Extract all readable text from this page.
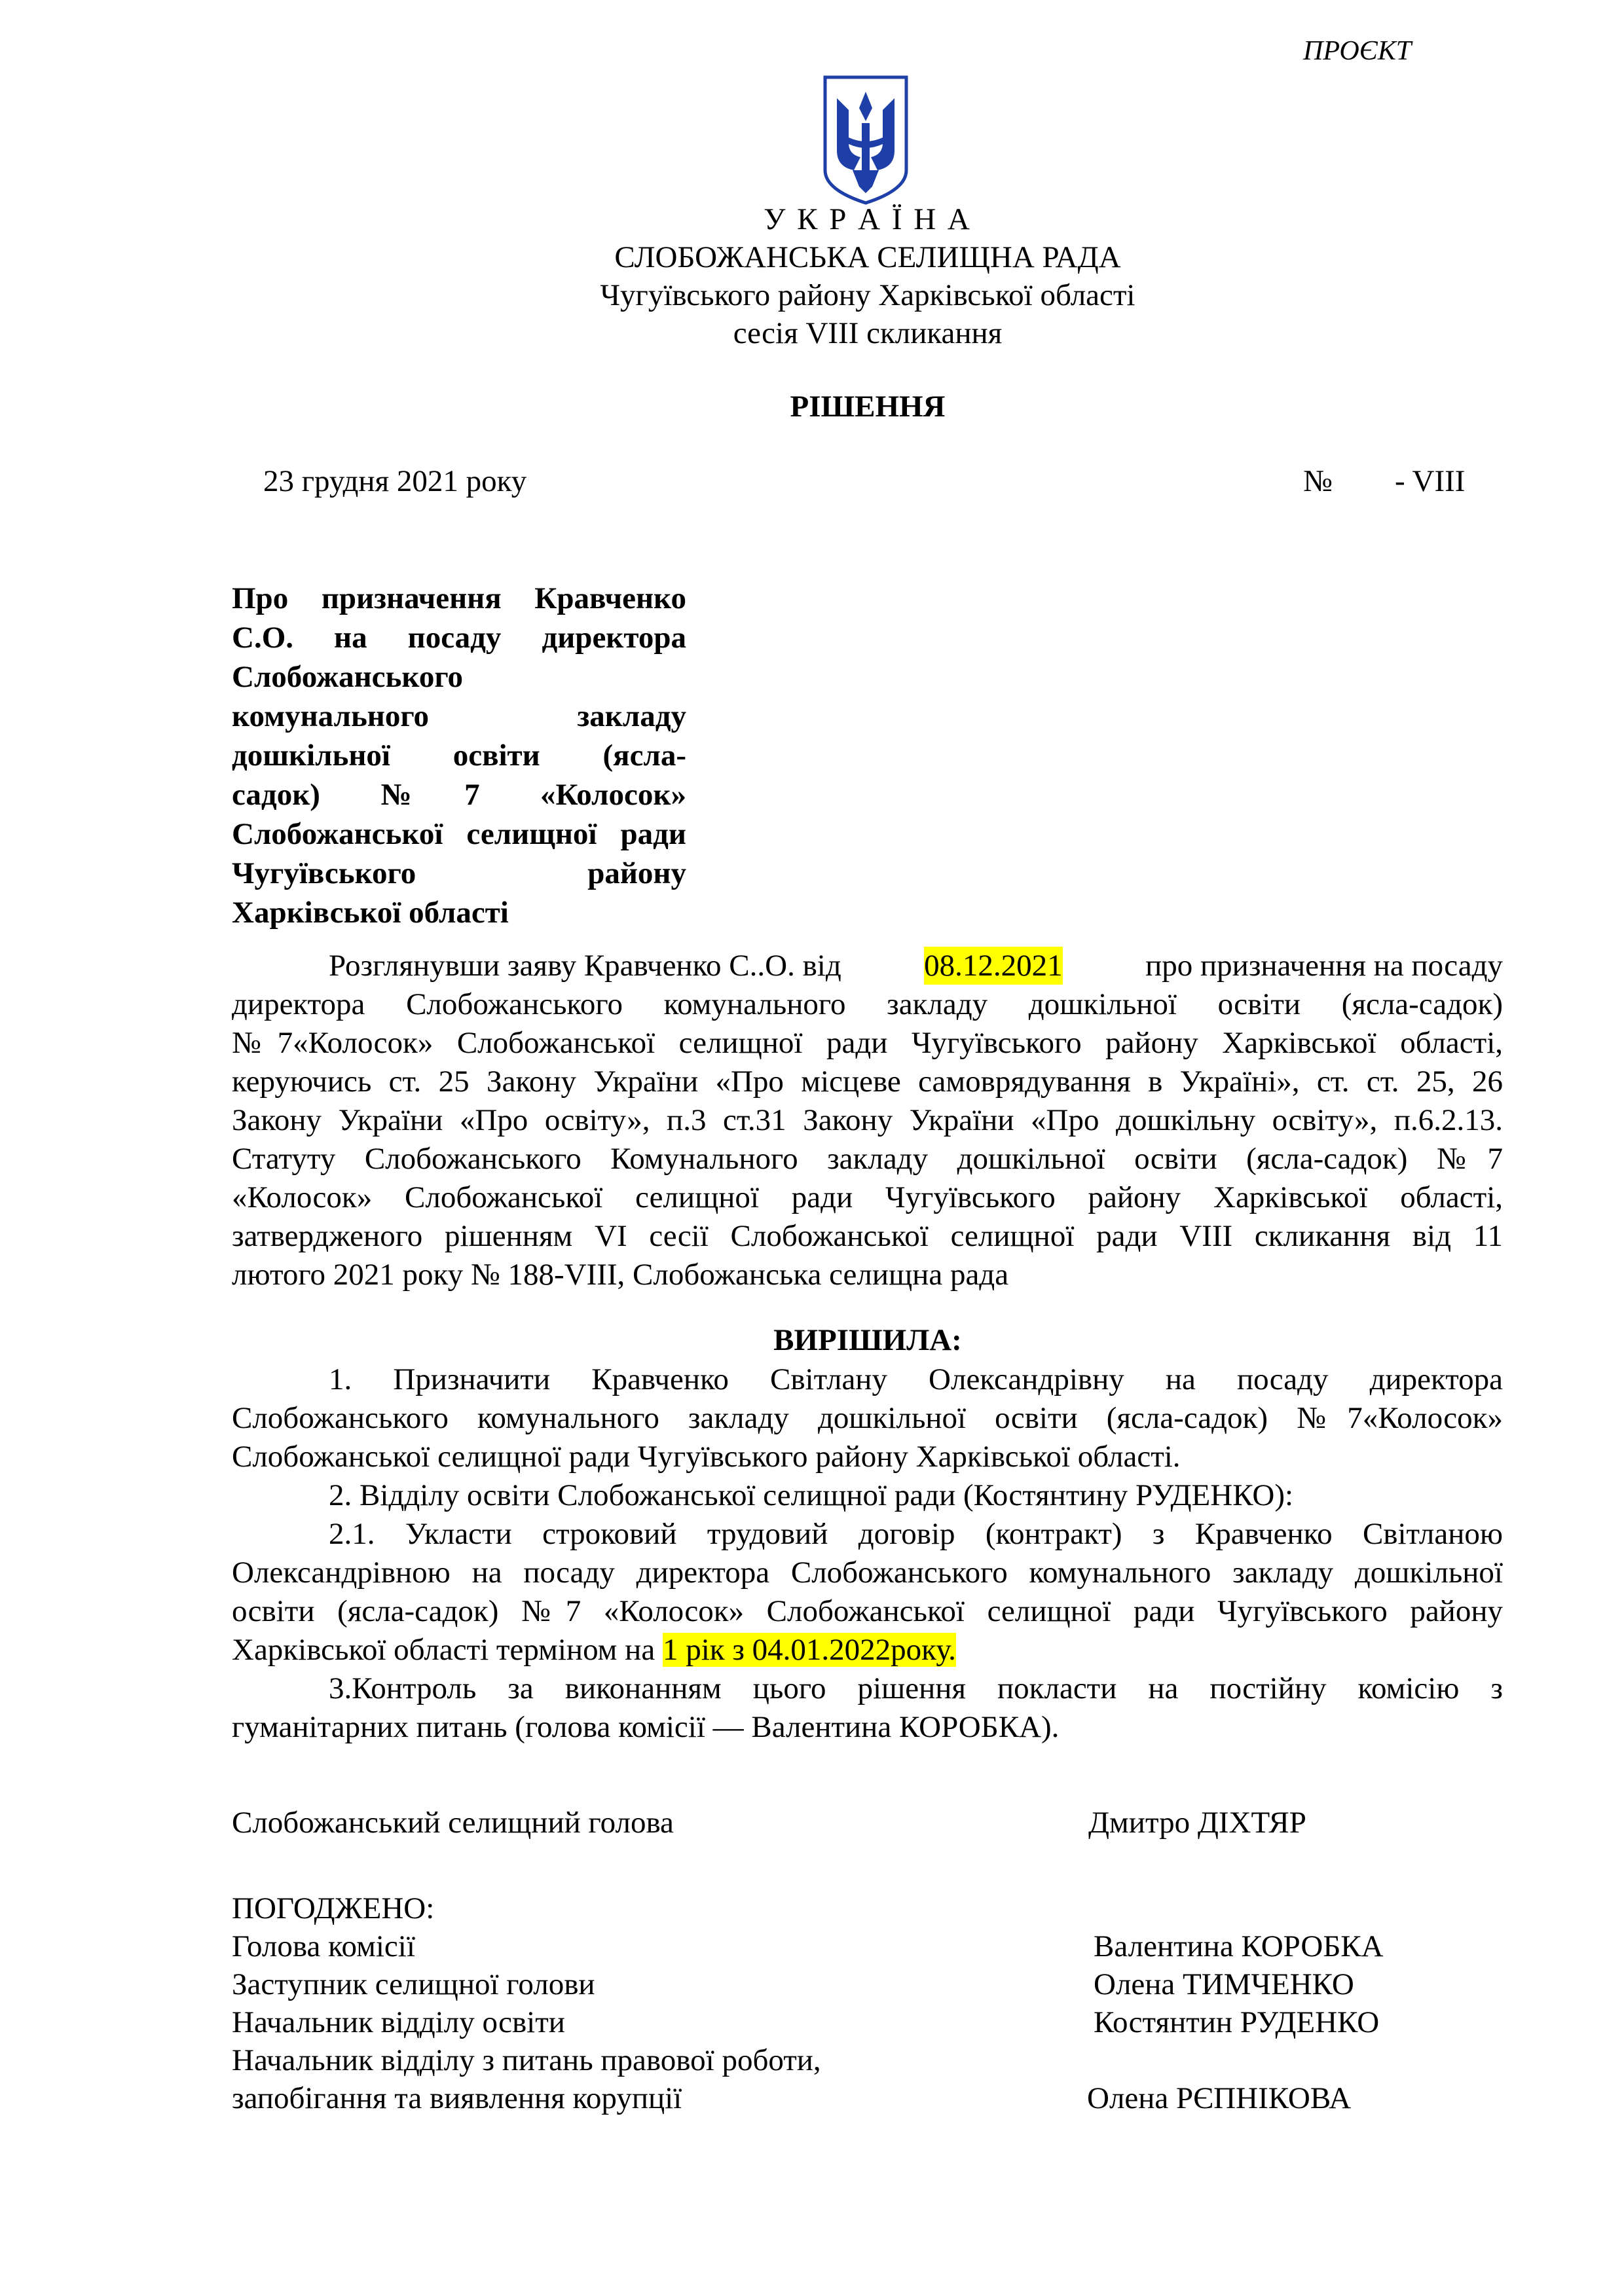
ПРОЄКТ
У К Р А Ї Н А
СЛОБОЖАНСЬКА СЕЛИЩНА РАДА
Чугуївського району Харківської області
сесія VIII скликання
РІШЕННЯ
23 грудня 2021 року	№ - VIII
Про призначення Кравченко
С.О. на посаду директора
Слобожанського
комунального закладу
дошкільної освіти (ясла-
садок) №7 «Колосок»
Слобожанської селищної ради
Чугуївського району
Харківської області
Розглянувши заяву Кравченко С..О. від	08.12.2021	про призначення на посаду
директора Слобожанського комунального закладу дошкільної освіти (ясла-садок)
№7«Колосок» Слобожанської селищної ради Чугуївського району Харківської області,
керуючись ст. 25 Закону України «Про місцеве самоврядування в Україні», ст. ст. 25, 26
Закону України «Про освіту», п.3 ст.31 Закону України «Про дошкільну освіту», п.6.2.13.
Статуту Слобожанського Комунального закладу дошкільної освіти (ясла-садок) №7
«Колосок» Слобожанської селищної ради Чугуївського району Харківської області,
затвердженого рішенням VI сесії Слобожанської селищної ради VIII скликання від 11
лютого 2021 року № 188-VIII, Слобожанська селищна рада
ВИРІШИЛА:
1. Призначити Кравченко Світлану Олександрівну на посаду директора
Слобожанського комунального закладу дошкільної освіти (ясла-садок) №7«Колосок»
Слобожанської селищної ради Чугуївського району Харківської області.
2. Відділу освіти Слобожанської селищної ради (Костянтину РУДЕНКО):
2.1. Укласти строковий трудовий договір (контракт) з Кравченко Світланою
Олександрівною на посаду директора Слобожанського комунального закладу дошкільної
освіти (ясла-садок) №7 «Колосок» Слобожанської селищної ради Чугуївського району
Харківської області терміном на 1 рік з 04.01.2022року.
3.Контроль за виконанням цього рішення покласти на постійну комісію з
гуманітарних питань (голова комісії — Валентина КОРОБКА).
Слобожанський селищний голова	Дмитро ДІХТЯР
ПОГОДЖЕНО:
Голова комісії	Валентина КОРОБКА
Заступник селищної голови	Олена ТИМЧЕНКО
Начальник відділу освіти	Костянтин РУДЕНКО
Начальник відділу з питань правової роботи,
запобігання та виявлення корупції	Олена РЄПНІКОВА
